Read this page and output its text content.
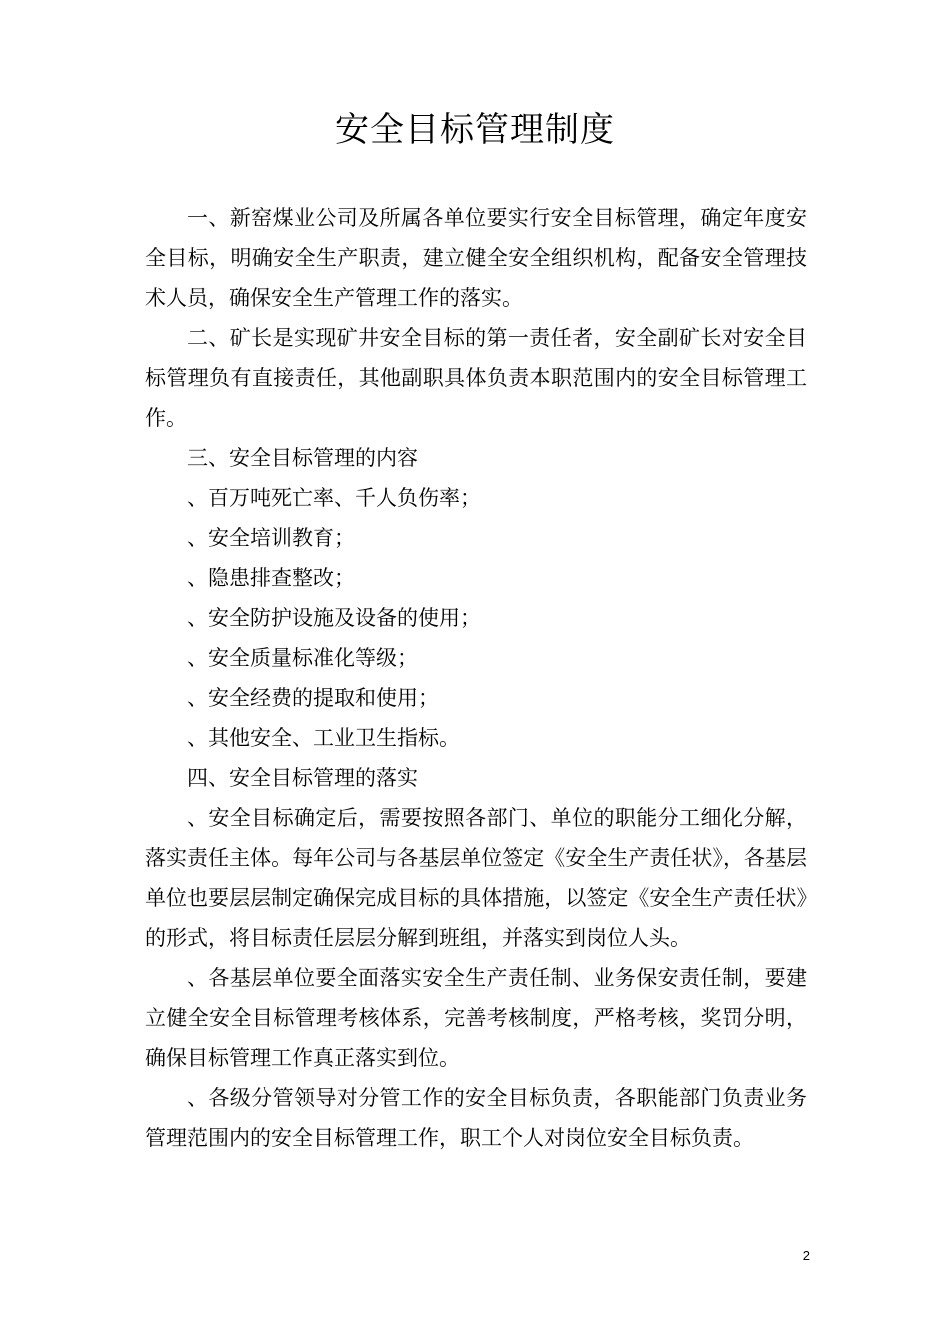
安全目标管理制度

一、新窑煤业公司及所属各单位要实行安全目标管理，确定年度安全目标，明确安全生产职责，建立健全安全组织机构，配备安全管理技术人员，确保安全生产管理工作的落实。

二、矿长是实现矿井安全目标的第一责任者，安全副矿长对安全目标管理负有直接责任，其他副职具体负责本职范围内的安全目标管理工作。

三、安全目标管理的内容

、百万吨死亡率、千人负伤率；

、安全培训教育；

、隐患排查整改；

、安全防护设施及设备的使用；

、安全质量标准化等级；

、安全经费的提取和使用；

、其他安全、工业卫生指标。

四、安全目标管理的落实

、安全目标确定后，需要按照各部门、单位的职能分工细化分解，落实责任主体。每年公司与各基层单位签定《安全生产责任状》，各基层单位也要层层制定确保完成目标的具体措施，以签定《安全生产责任状》的形式，将目标责任层层分解到班组，并落实到岗位人头。

、各基层单位要全面落实安全生产责任制、业务保安责任制，要建立健全安全目标管理考核体系，完善考核制度，严格考核，奖罚分明，确保目标管理工作真正落实到位。

、各级分管领导对分管工作的安全目标负责，各职能部门负责业务管理范围内的安全目标管理工作，职工个人对岗位安全目标负责。

2
